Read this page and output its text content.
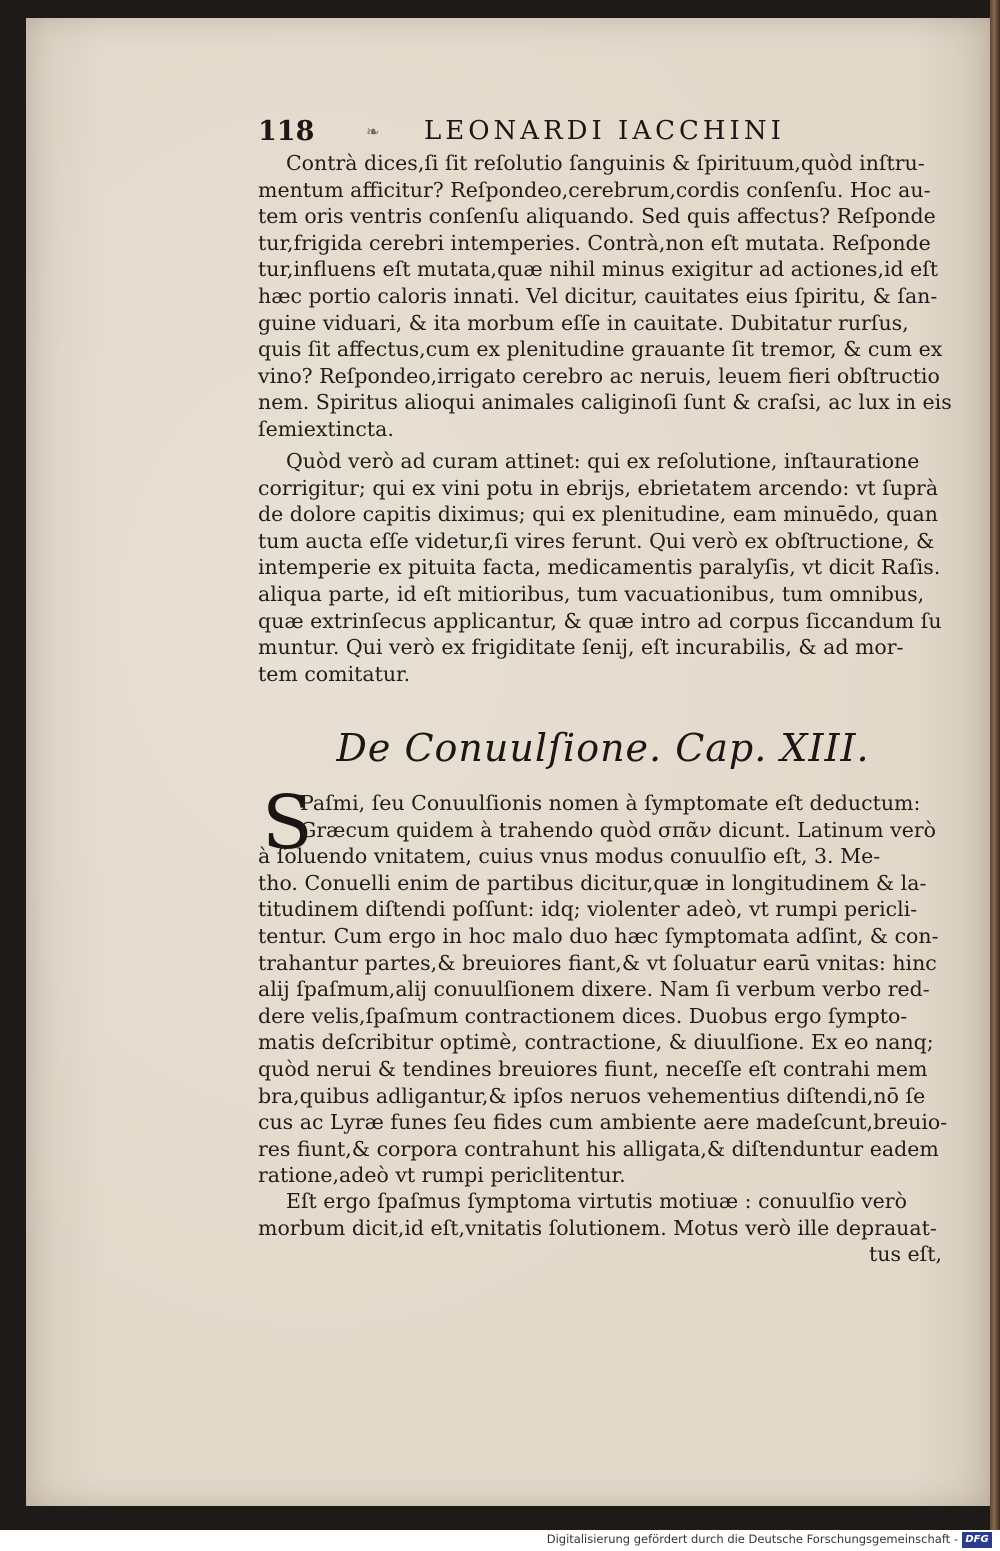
118	❧ LEONARDI IACCHINI
Contrà dices,ſi ſit reſolutio ſanguinis & ſpirituum,quòd inſtru-
mentum afficitur? Reſpondeo,cerebrum,cordis conſenſu. Hoc au-
tem oris ventris conſenſu aliquando. Sed quis affectus? Reſponde
tur,frigida cerebri intemperies. Contrà,non eſt mutata. Reſponde
tur,influens eſt mutata,quæ nihil minus exigitur ad actiones,id eſt
hæc portio caloris innati. Vel dicitur, cauitates eius ſpiritu, & ſan-
guine viduari, & ita morbum eſſe in cauitate. Dubitatur rurſus,
quis ſit affectus,cum ex plenitudine grauante ſit tremor, & cum ex
vino? Reſpondeo,irrigato cerebro ac neruis, leuem fieri obſtructio
nem. Spiritus alioqui animales caliginoſi ſunt & craſsi, ac lux in eis
ſemiextincta.
Quòd verò ad curam attinet: qui ex reſolutione, inſtauratione
corrigitur; qui ex vini potu in ebrijs, ebrietatem arcendo: vt ſuprà
de dolore capitis diximus; qui ex plenitudine, eam minuēdo, quan
tum aucta eſſe videtur,ſi vires ferunt. Qui verò ex obſtructione, &
intemperie ex pituita facta, medicamentis paralyſis, vt dicit Raſis.
aliqua parte, id eſt mitioribus, tum vacuationibus, tum omnibus,
quæ extrinſecus applicantur, & quæ intro ad corpus ſiccandum ſu
muntur. Qui verò ex frigiditate ſenij, eſt incurabilis, & ad mor-
tem comitatur.
De Conuulſione. Cap. XIII.
S
Paſmi, ſeu Conuulſionis nomen à ſymptomate eſt deductum:
Græcum quidem à trahendo quòd σπᾶν dicunt. Latinum verò
à ſoluendo vnitatem, cuius vnus modus conuulſio eſt, 3. Me-
tho. Conuelli enim de partibus dicitur,quæ in longitudinem & la-
titudinem diſtendi poſſunt: idq; violenter adeò, vt rumpi pericli-
tentur. Cum ergo in hoc malo duo hæc ſymptomata adſint, & con-
trahantur partes,& breuiores fiant,& vt ſoluatur earū vnitas: hinc
alij ſpaſmum,alij conuulſionem dixere. Nam ſi verbum verbo red-
dere velis,ſpaſmum contractionem dices. Duobus ergo ſympto-
matis deſcribitur optimè, contractione, & diuulſione. Ex eo nanq;
quòd nerui & tendines breuiores fiunt, neceſſe eſt contrahi mem
bra,quibus adligantur,& ipſos neruos vehementius diſtendi,nō ſe
cus ac Lyræ funes ſeu fides cum ambiente aere madeſcunt,breuio-
res fiunt,& corpora contrahunt his alligata,& diſtenduntur eadem
ratione,adeò vt rumpi periclitentur.
Eſt ergo ſpaſmus ſymptoma virtutis motiuæ : conuulſio verò
morbum dicit,id eſt,vnitatis ſolutionem. Motus verò ille deprauat-
tus eſt,
Digitalisierung gefördert durch die Deutsche Forschungsgemeinschaft - DFG
